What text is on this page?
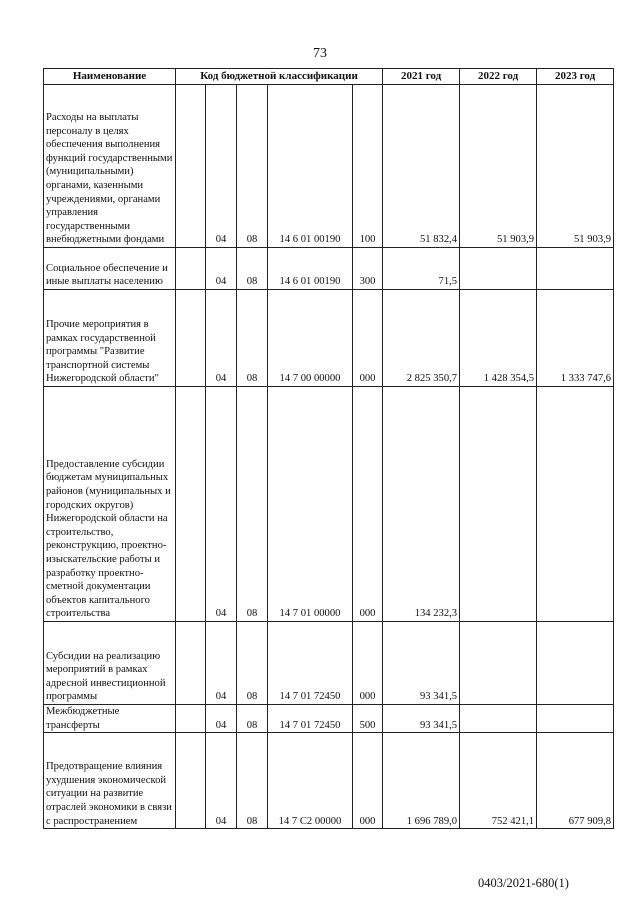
73
Наименование	Код бюджетной классификации					2021 год	2022 год	2023 год
Расходы на выплаты персоналу в целях обеспечения выполнения функций государственными (муниципальными) органами, казенными учреждениями, органами управления государственными внебюджетными фондами		04	08	14 6 01 00190	100	51 832,4	51 903,9	51 903,9
Социальное обеспечение и иные выплаты населению		04	08	14 6 01 00190	300	71,5		
Прочие мероприятия в рамках государственной программы "Развитие транспортной системы Нижегородской области"		04	08	14 7 00 00000	000	2 825 350,7	1 428 354,5	1 333 747,6
Предоставление субсидии бюджетам муниципальных районов (муниципальных и городских округов) Нижегородской области на строительство, реконструкцию, проектно-изыскательские работы и разработку проектно-сметной документации объектов капитального строительства		04	08	14 7 01 00000	000	134 232,3		
Субсидии на реализацию мероприятий в рамках адресной инвестиционной программы		04	08	14 7 01 72450	000	93 341,5		
Межбюджетные трансферты		04	08	14 7 01 72450	500	93 341,5		
Предотвращение влияния ухудшения экономической ситуации на развитие отраслей экономики в связи с распространением		04	08	14 7 С2 00000	000	1 696 789,0	752 421,1	677 909,8
0403/2021-680(1)
